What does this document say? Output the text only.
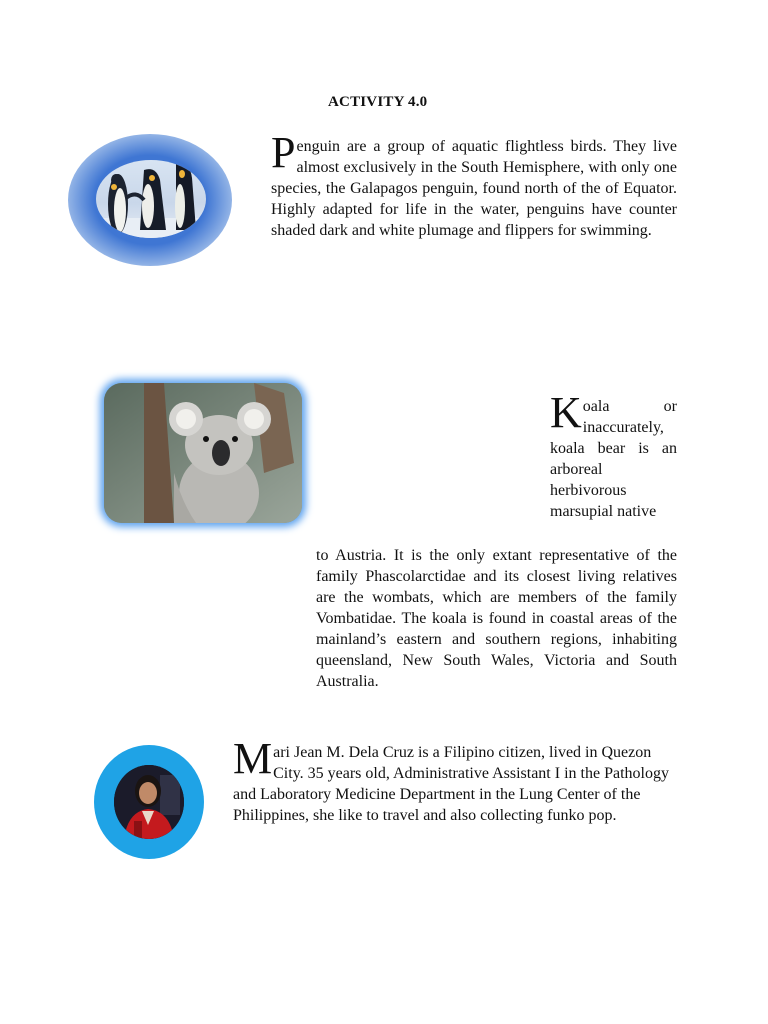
ACTIVITY 4.0
Penguin are a group of aquatic flightless birds. They live almost exclusively in the South Hemisphere, with only one species, the Galapagos penguin, found north of the of Equator. Highly adapted for life in the water, penguins have counter shaded dark and white plumage and flippers for swimming.
Koala or inaccurately, koala bear is an arboreal herbivorous marsupial native
to Austria. It is the only extant representative of the family Phascolarctidae and its closest living relatives are the wombats, which are members of the family Vombatidae. The koala is found in coastal areas of the mainland’s eastern and southern regions, inhabiting queensland, New South Wales, Victoria and South Australia.
Mari Jean M. Dela Cruz is a Filipino citizen, lived in Quezon City. 35 years old, Administrative Assistant I in the Pathology and Laboratory Medicine Department in the Lung Center of the Philippines, she like to travel and also collecting funko pop.
